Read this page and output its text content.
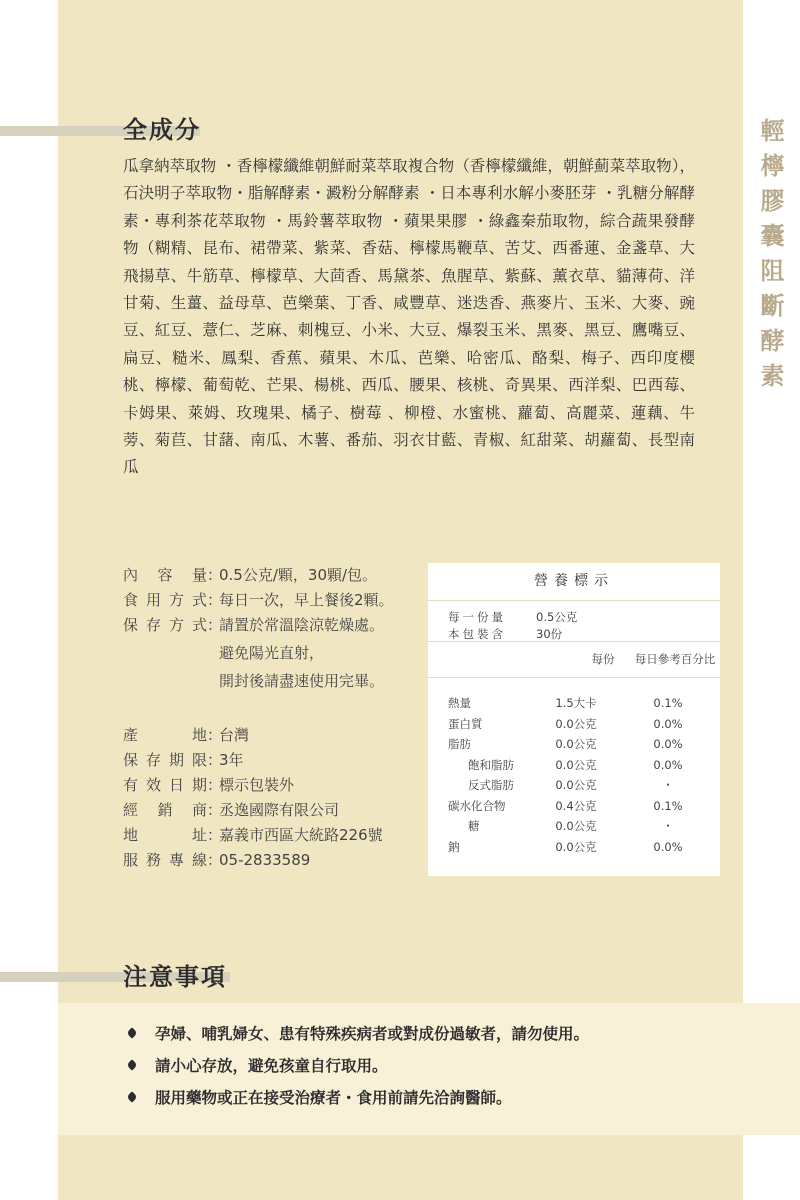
輕檸膠囊阻斷酵素
全成分
瓜拿納萃取物 ・香檸檬纖維朝鮮耐菜萃取複合物（香檸檬纖維，朝鮮薊菜萃取物），石決明子萃取物・脂解酵素・澱粉分解酵素 ・日本專利水解小麥胚芽 ・乳糖分解酵素・專利茶花萃取物 ・馬鈴薯萃取物 ・蘋果果膠 ・綠鑫秦茄取物，綜合蔬果發酵物（糊精、昆布、裙帶菜、紫菜、香菇、檸檬馬鞭草、苦艾、西番蓮、金盞草、大飛揚草、牛筋草、檸檬草、大茴香、馬黛茶、魚腥草、紫蘇、薰衣草、貓薄荷、洋甘菊、生薑、益母草、芭樂葉、丁香、咸豐草、迷迭香、燕麥片、玉米、大麥、豌豆、紅豆、薏仁、芝麻、刺槐豆、小米、大豆、爆裂玉米、黑麥、黑豆、鷹嘴豆、扁豆、糙米、鳳梨、香蕉、蘋果、木瓜、芭樂、哈密瓜、酪梨、梅子、西印度櫻桃、檸檬、葡萄乾、芒果、楊桃、西瓜、腰果、核桃、奇異果、西洋梨、巴西莓、卡姆果、萊姆、玫瑰果、橘子、樹莓 、柳橙、水蜜桃、蘿蔔、高麗菜、蓮藕、牛蒡、菊苣、甘藷、南瓜、木薯、番茄、羽衣甘藍、青椒、紅甜菜、胡蘿蔔、長型南瓜
內容量 ：
0.5公克/顆，30顆/包。
食用方式 ：
每日一次，早上餐後2顆。
保存方式 ：
請置於常溫陰涼乾燥處。
避免陽光直射，
開封後請盡速使用完畢。
產地 ：
台灣
保存期限 ：
3年
有效日期 ：
標示包裝外
經銷商 ：
丞逸國際有限公司
地址 ：
嘉義市西區大統路226號
服務專線 ：
05-2833589
營養標示
每一份量	0.5公克
本包裝含	30份
每份	每日參考百分比
熱量	1.5大卡	0.1%
蛋白質	0.0公克	0.0%
脂肪	0.0公克	0.0%
飽和脂肪	0.0公克	0.0%
反式脂肪	0.0公克	・
碳水化合物	0.4公克	0.1%
糖	0.0公克	・
鈉	0.0公克	0.0%
注意事項
孕婦、哺乳婦女、患有特殊疾病者或對成份過敏者，請勿使用。
請小心存放，避免孩童自行取用。
服用藥物或正在接受治療者・食用前請先洽詢醫師。
